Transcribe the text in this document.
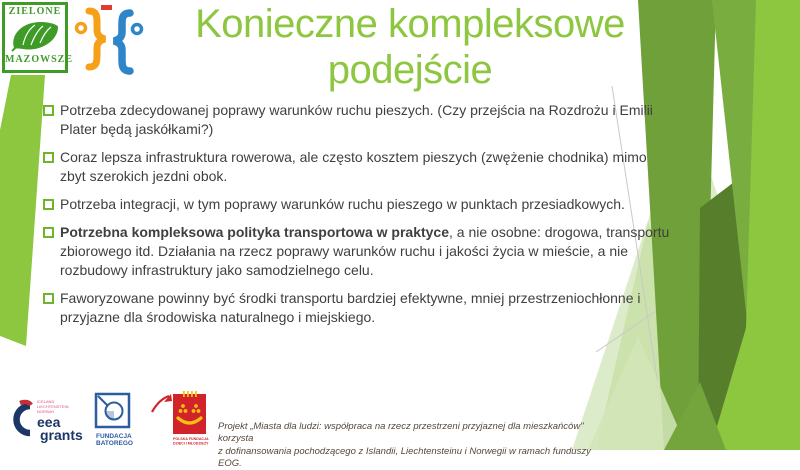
ZIELONE
MAZOWSZE
Konieczne kompleksowe podejście
Potrzeba zdecydowanej poprawy warunków ruchu pieszych. (Czy przejścia na Rozdrożu i Emilii Plater będą jaskółkami?)
Coraz lepsza infrastruktura rowerowa, ale często kosztem pieszych (zwężenie chodnika) mimo zbyt szerokich jezdni obok.
Potrzeba integracji, w tym poprawy warunków ruchu pieszego w punktach przesiadkowych.
Potrzebna kompleksowa polityka transportowa w praktyce, a nie osobne: drogowa, transportu zbiorowego itd. Działania na rzecz poprawy warunków ruchu i jakości życia w mieście, a nie rozbudowy infrastruktury jako samodzielnego celu.
Faworyzowane powinny być środki transportu bardziej efektywne, mniej przestrzeniochłonne i przyjazne dla środowiska naturalnego i miejskiego.
ICELAND
LIECHTENSTEIN
NORWAY
eea
grants FUNDACJA
BATOREGO
POLSKA FUNDACJA
DZIECI I MŁODZIEŻY
Projekt „Miasta dla ludzi: współpraca na rzecz przestrzeni przyjaznej dla mieszkańców" korzysta
z dofinansowania pochodzącego z Islandii, Liechtensteinu i Norwegii w ramach funduszy EOG.
